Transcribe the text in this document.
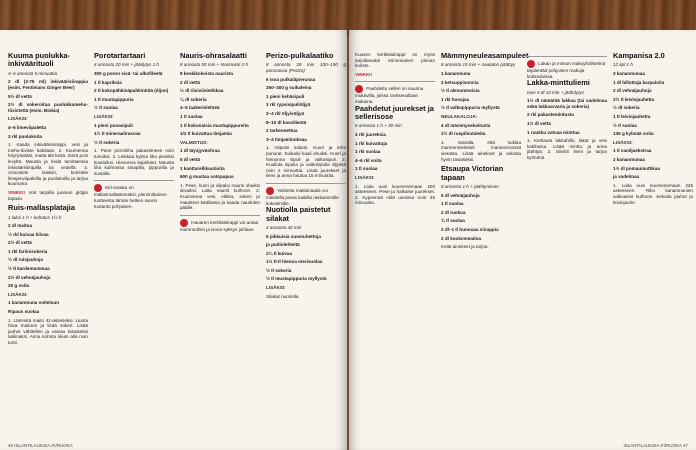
Kuuma puolukka-inkiväärituoli

4–6 annosta 5 minuuttia

2 dl (3-75 ml) inkiväärisiirappia (esim. Fentimans Ginger Beer)

5½ dl vettä

2½ dl sokeroitua puolukkamehu-tiivistettä (esim. Biokia)

LISÄKSI:

4–6 limeviipaletta

3 rkl puolukoita

1. Kaada inkiväärisiirappi, vesi ja mehu-tiiviste kattilaan. 2. Kuumenna höyryäväksi, mutta älä keitä. Siirrä pois levyltä. Mausta ja tiedä tarvittaessa inkiväärisiirapilla tai vedellä. 3. Annostele lasisiin, koristele limejenviipaleilla ja puolukoilla ja tarjoa kuumana.

VINKKI! Voit tarjoilla juoman glögin tapaan.

Ruis-mallasplatajia

1 laksi 1 h + kohotus 1½ h

2 dl maitoa

½ rkl kuivaa hiivaa

2½ dl vettä

1 rkl fariinisokeria

½ dl ruisjauhoja

½ tl kardemummaa

2½ dl vehnäjauhoja

25 g voita

LISÄKSI:

1 kananmuna voiteluun

Ripaus suolaa

1. Lämmitä maito 42-asteiseksi. Liuota hiiva maitoon ja lisää sokeri. Lisää jauhot vähitellen ja vaivaa tasaiseksi taikinaksi. Anna kohota liinan alla noin tunti.

Porotartartaari

4 annosta 20 min + jäädytys 1 h

300 g poron sisä- tai ulkofileetä

1 tl kapriksia

2 tl kokopähkinäpahkinöitä (dijon)

1 tl mustapippuria

½ tl suolaa

LISÄKSI:

1 pieni punasipuli

1½ tl mineraalirasvaa

½ tl sokeria

1. Pane poronliha pakastimeen noin tunniksi. 2. Leikkaa kylmä liha pieniksi kuutioiksi. Hienonna kaprikset. Mausta liha kuihrossa sinapilla, pippurilla ja suolalla.

Kiri-rusaka on mallasmaltattomaksi, pienimittainen tuotteesta tämän hetken suurin tuotanto pohjoisen.
Nauris-ohrasalaatti

8 annosta 50 min + marinointi 2 h

8 keskikokoista naurista

2 dl vettä

½ dl riisiviinietikkaa

¼ dl sokeria

4–5 laakerinlehteä

1 tl suolaa

1 tl kokonaisia mustapippureita

1/2 tl kuivattua timjamia

VALMISTUS:

1 dl täysjyväohraa

5 dl vettä

1 kanttarellikuutioita

600 g mustaa sotopapua

1. Pese, kuori ja viipaloi nauris ohuiksi siivuiksi. Laita nauriit kulhoon. 2. Kuumenna vesi, etikka, sokeri ja mausteet kattilassa ja kaada nauriiden päälle.

Hauaren kerkkäsiirappi voi antaa mammuthiin ja isoon syksyn juhlaan.
Perizo-pulkalaatiko

8 annosta 30 min 100–150 g porosavua (Perizo)

6 isoa pulkaläpierunaa

250–300 g suikaleina

1 pieni kehäsipuli

3 rkl rypsisipuliöljyä

2–4 rkl öljyisöljyä

8–10 dl kasvilientä

2 tarkennettua

3–4 timjaminoksaa

1. Viipaloi salami. Kuori ja tehe punurat. Suikaloi kaali ohuiksi. Kuori ja hienonna sipuli ja valkosipuli. 2. Kuullota sipulia ja valkosipulia öljyssä noin 2 minuuttia. Lisää juurekset ja liemi ja anna hautua 15 minuuttia.

Valmista maklanaatia voi maistella paras kaikilla rakkaimmille kokoelmille.
Nuotiolla paistetut silakat

4 annosta 40 min

6 pikkuisia suomuhettoja

ja puitinlehteitä

2¼ tl kuivaa

1½ tl-tl hienoa merisuolaa

½ tl sokeria

½ tl mustapippuria myllystä

LISÄKSI:

Silakat nuotiolla.

46 ISLANTILAUKSIA.FI/RUOKA

Kuusen kerkkäsiirappi on myös tarjoiltavaksi erinomainen pinnan koriste.

VINKKI!

Paahdettu selleri on suurina mukavilla, joissa ravitsevaltaan makuina.
Paahdetut juurekset ja sellerisose

6 annosta 1 h + 30 min

3 rkl juureksia

1 rkl kuivattuja

1 rkl suolaa

4–6 rkl voita

1 tl suolaa

LISÄKSI:

1. Laita uuni kuumenemaan 200 asteeseen. Pese ja halkaise juurekset. 2. Kypsennä niitä uunissa noin 45 minuuttia.

Mämmyneuleasampuleet

8 annosta 15 min + naulaton päättyy

1 kananmuna

2 ketsuppisonnia

½ tl alenunmoisia

1 rkl hunajaa

½ tl valkopippuria myllystä

NEULAKALOJA:

4 dl mämmysekoitusta

2½ dl ruspihiutaleita

1. Vaivalla, että suklaa mannermieleiset mannenroossit vierasta. Lisää ainekset ja sekoita hyvin tasaiseksi.

Etsaupa Victorian tapaan

8 annosta 1 h + jäähtyminen

5 dl vehnäjauhoja

1 tl suolaa

2 dl ruokoa

¾ tl suolaa

2 dl–1 tl hunnuaa siirappia

2 dl kookosmaitoa

Keitä ainekset ja tarjoa.

Lakan ja mintun makuyhdistelmä täydentää pohjoisen makuja kotiseduissa.
Lakka-minttuliemi

noin 5 dl 10 min + jäähdytys

1½ dl nämäntä lakkaa (tai vadelmaa sekä lakkaarvaria ja sokeria)

2 rkl pakastemintusta

1½ dl vettä

1 ruukku vatvaa minttua

1. Kiehauta lakkahillo, lakat ja vesi kattilassa. Lisää minttu ja anna jäähtyä. 2. Siivilöi liemi ja tarjoa kylmänä.

Kampanisa 2.0

12 kpl 1 h

3 kananmunaa

1 dl hillottuja karpaloita

2 dl vehnäjauhoja

2½ tl leivinjauhetta

½ dl sokeria

1 tl leivinjauhetta

½ tl suolaa

135 g kylmää voita

LISÄKSI:

1 tl vaniljaekstraa

2 kananmunaa

1½ dl pomaumuttikaa

ja vadelmaa

1. Laita uuni kuumenemaan 225 asteeseen. Riko kananmunien valkuaiset kulhoon. Sekoita jauhot ja leivinjauhe.

ISLANTILAUKSIA.FI/RUOKA 47
